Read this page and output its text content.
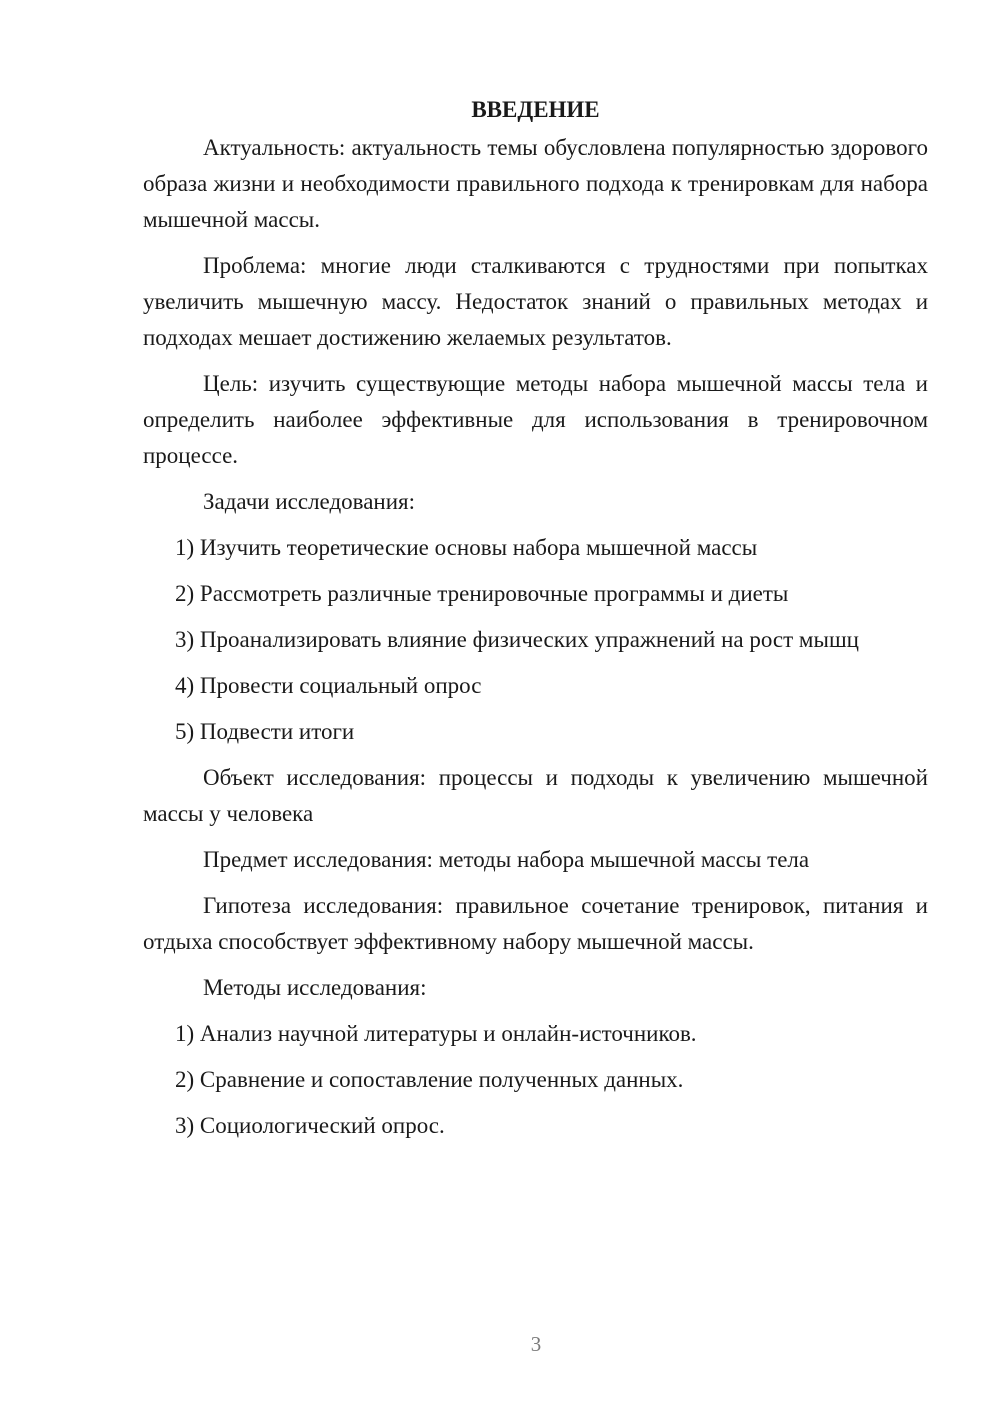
ВВЕДЕНИЕ

Актуальность: актуальность темы обусловлена популярностью здорового образа жизни и необходимости правильного подхода к тренировкам для набора мышечной массы.

Проблема: многие люди сталкиваются с трудностями при попытках увеличить мышечную массу. Недостаток знаний о правильных методах и подходах мешает достижению желаемых результатов.

Цель: изучить существующие методы набора мышечной массы тела и определить наиболее эффективные для использования в тренировочном процессе.

Задачи исследования:

1) Изучить теоретические основы набора мышечной массы
2) Рассмотреть различные тренировочные программы и диеты
3) Проанализировать влияние физических упражнений на рост мышц
4) Провести социальный опрос
5) Подвести итоги

Объект исследования: процессы и подходы к увеличению мышечной массы у человека

Предмет исследования: методы набора мышечной массы тела

Гипотеза исследования: правильное сочетание тренировок, питания и отдыха способствует эффективному набору мышечной массы.

Методы исследования:

1) Анализ научной литературы и онлайн-источников.
2) Сравнение и сопоставление полученных данных.
3) Социологический опрос.
3
